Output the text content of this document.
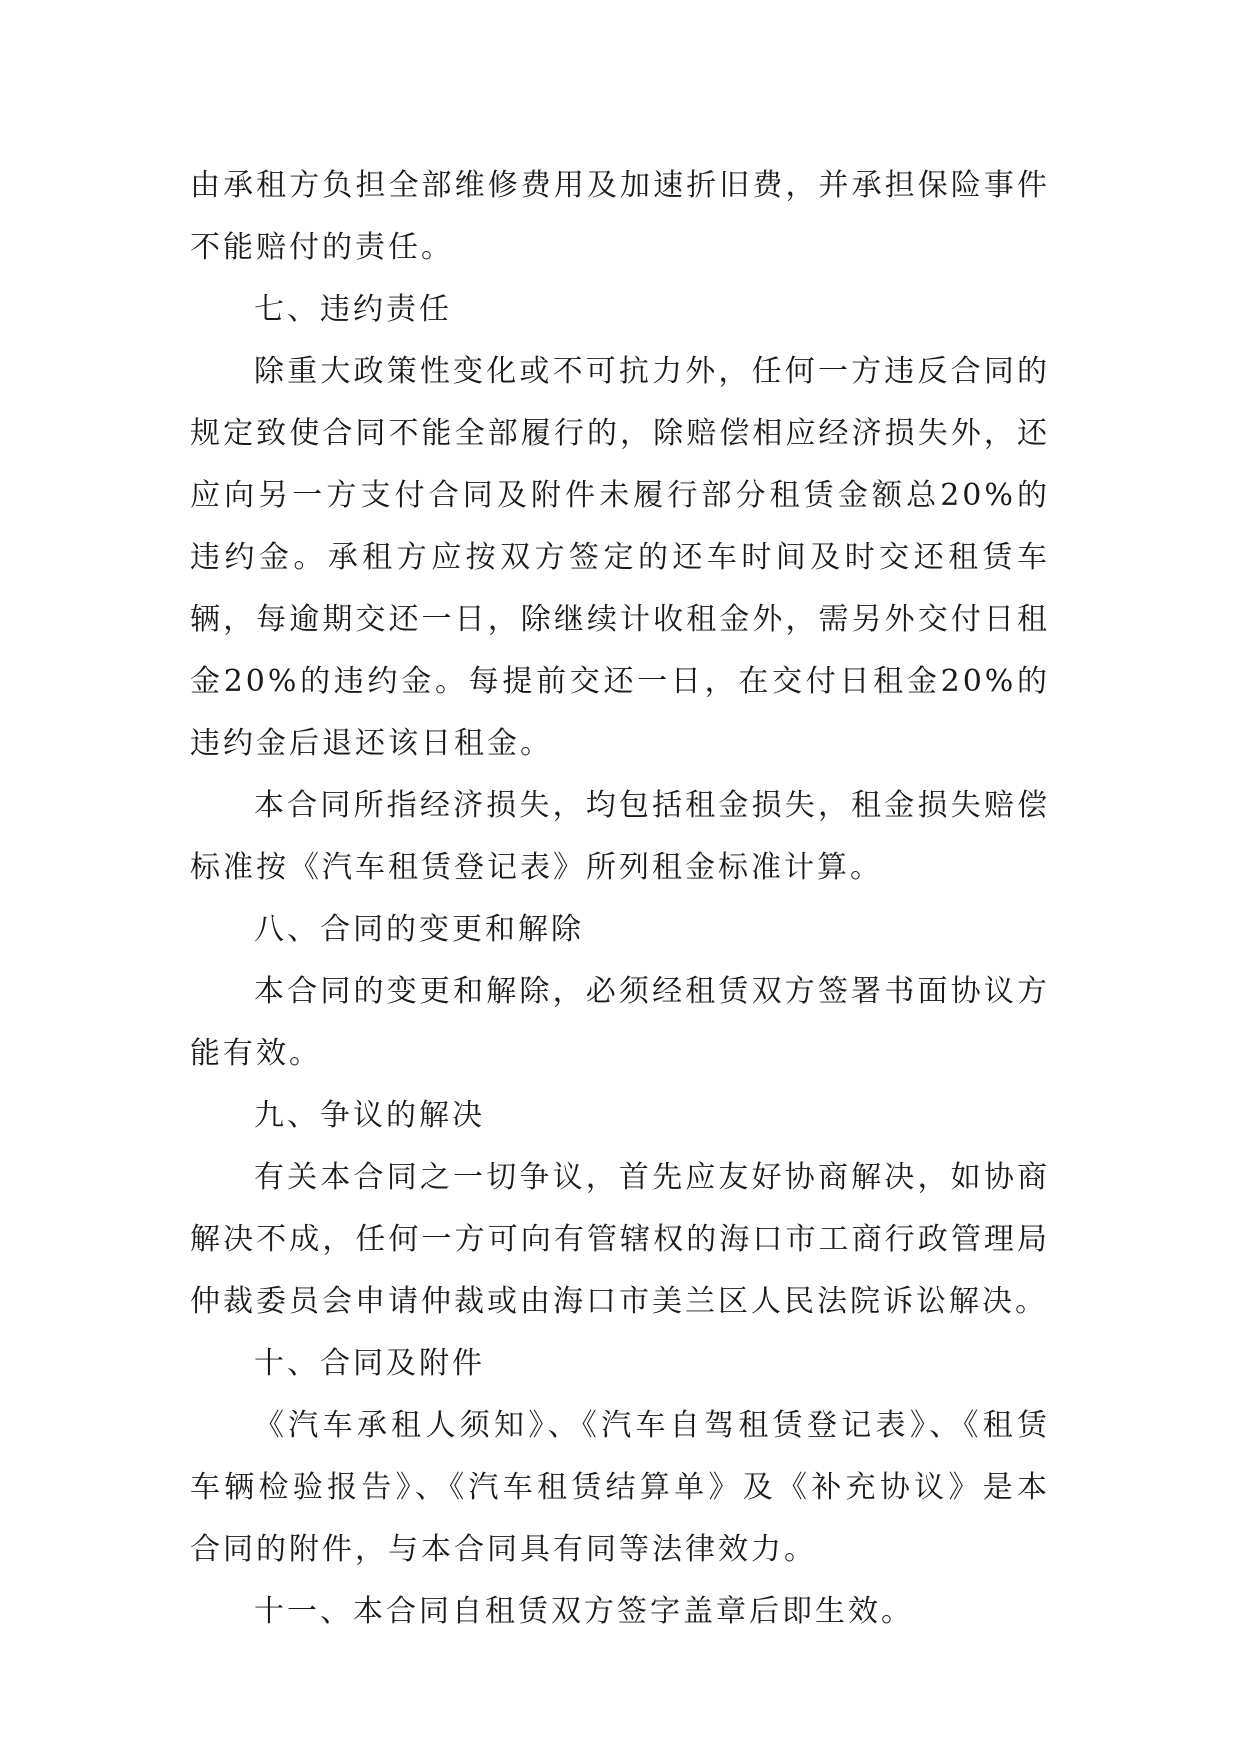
由承租方负担全部维修费用及加速折旧费，并承担保险事件不能赔付的责任。

七、违约责任

除重大政策性变化或不可抗力外，任何一方违反合同的规定致使合同不能全部履行的，除赔偿相应经济损失外，还应向另一方支付合同及附件未履行部分租赁金额总20%的违约金。承租方应按双方签定的还车时间及时交还租赁车辆，每逾期交还一日，除继续计收租金外，需另外交付日租金20%的违约金。每提前交还一日，在交付日租金20%的违约金后退还该日租金。

本合同所指经济损失，均包括租金损失，租金损失赔偿标准按《汽车租赁登记表》所列租金标准计算。

八、合同的变更和解除

本合同的变更和解除，必须经租赁双方签署书面协议方能有效。

九、争议的解决

有关本合同之一切争议，首先应友好协商解决，如协商解决不成，任何一方可向有管辖权的海口市工商行政管理局仲裁委员会申请仲裁或由海口市美兰区人民法院诉讼解决。

十、合同及附件

《汽车承租人须知》、《汽车自驾租赁登记表》、《租赁车辆检验报告》、《汽车租赁结算单》及《补充协议》是本合同的附件，与本合同具有同等法律效力。

十一、本合同自租赁双方签字盖章后即生效。
